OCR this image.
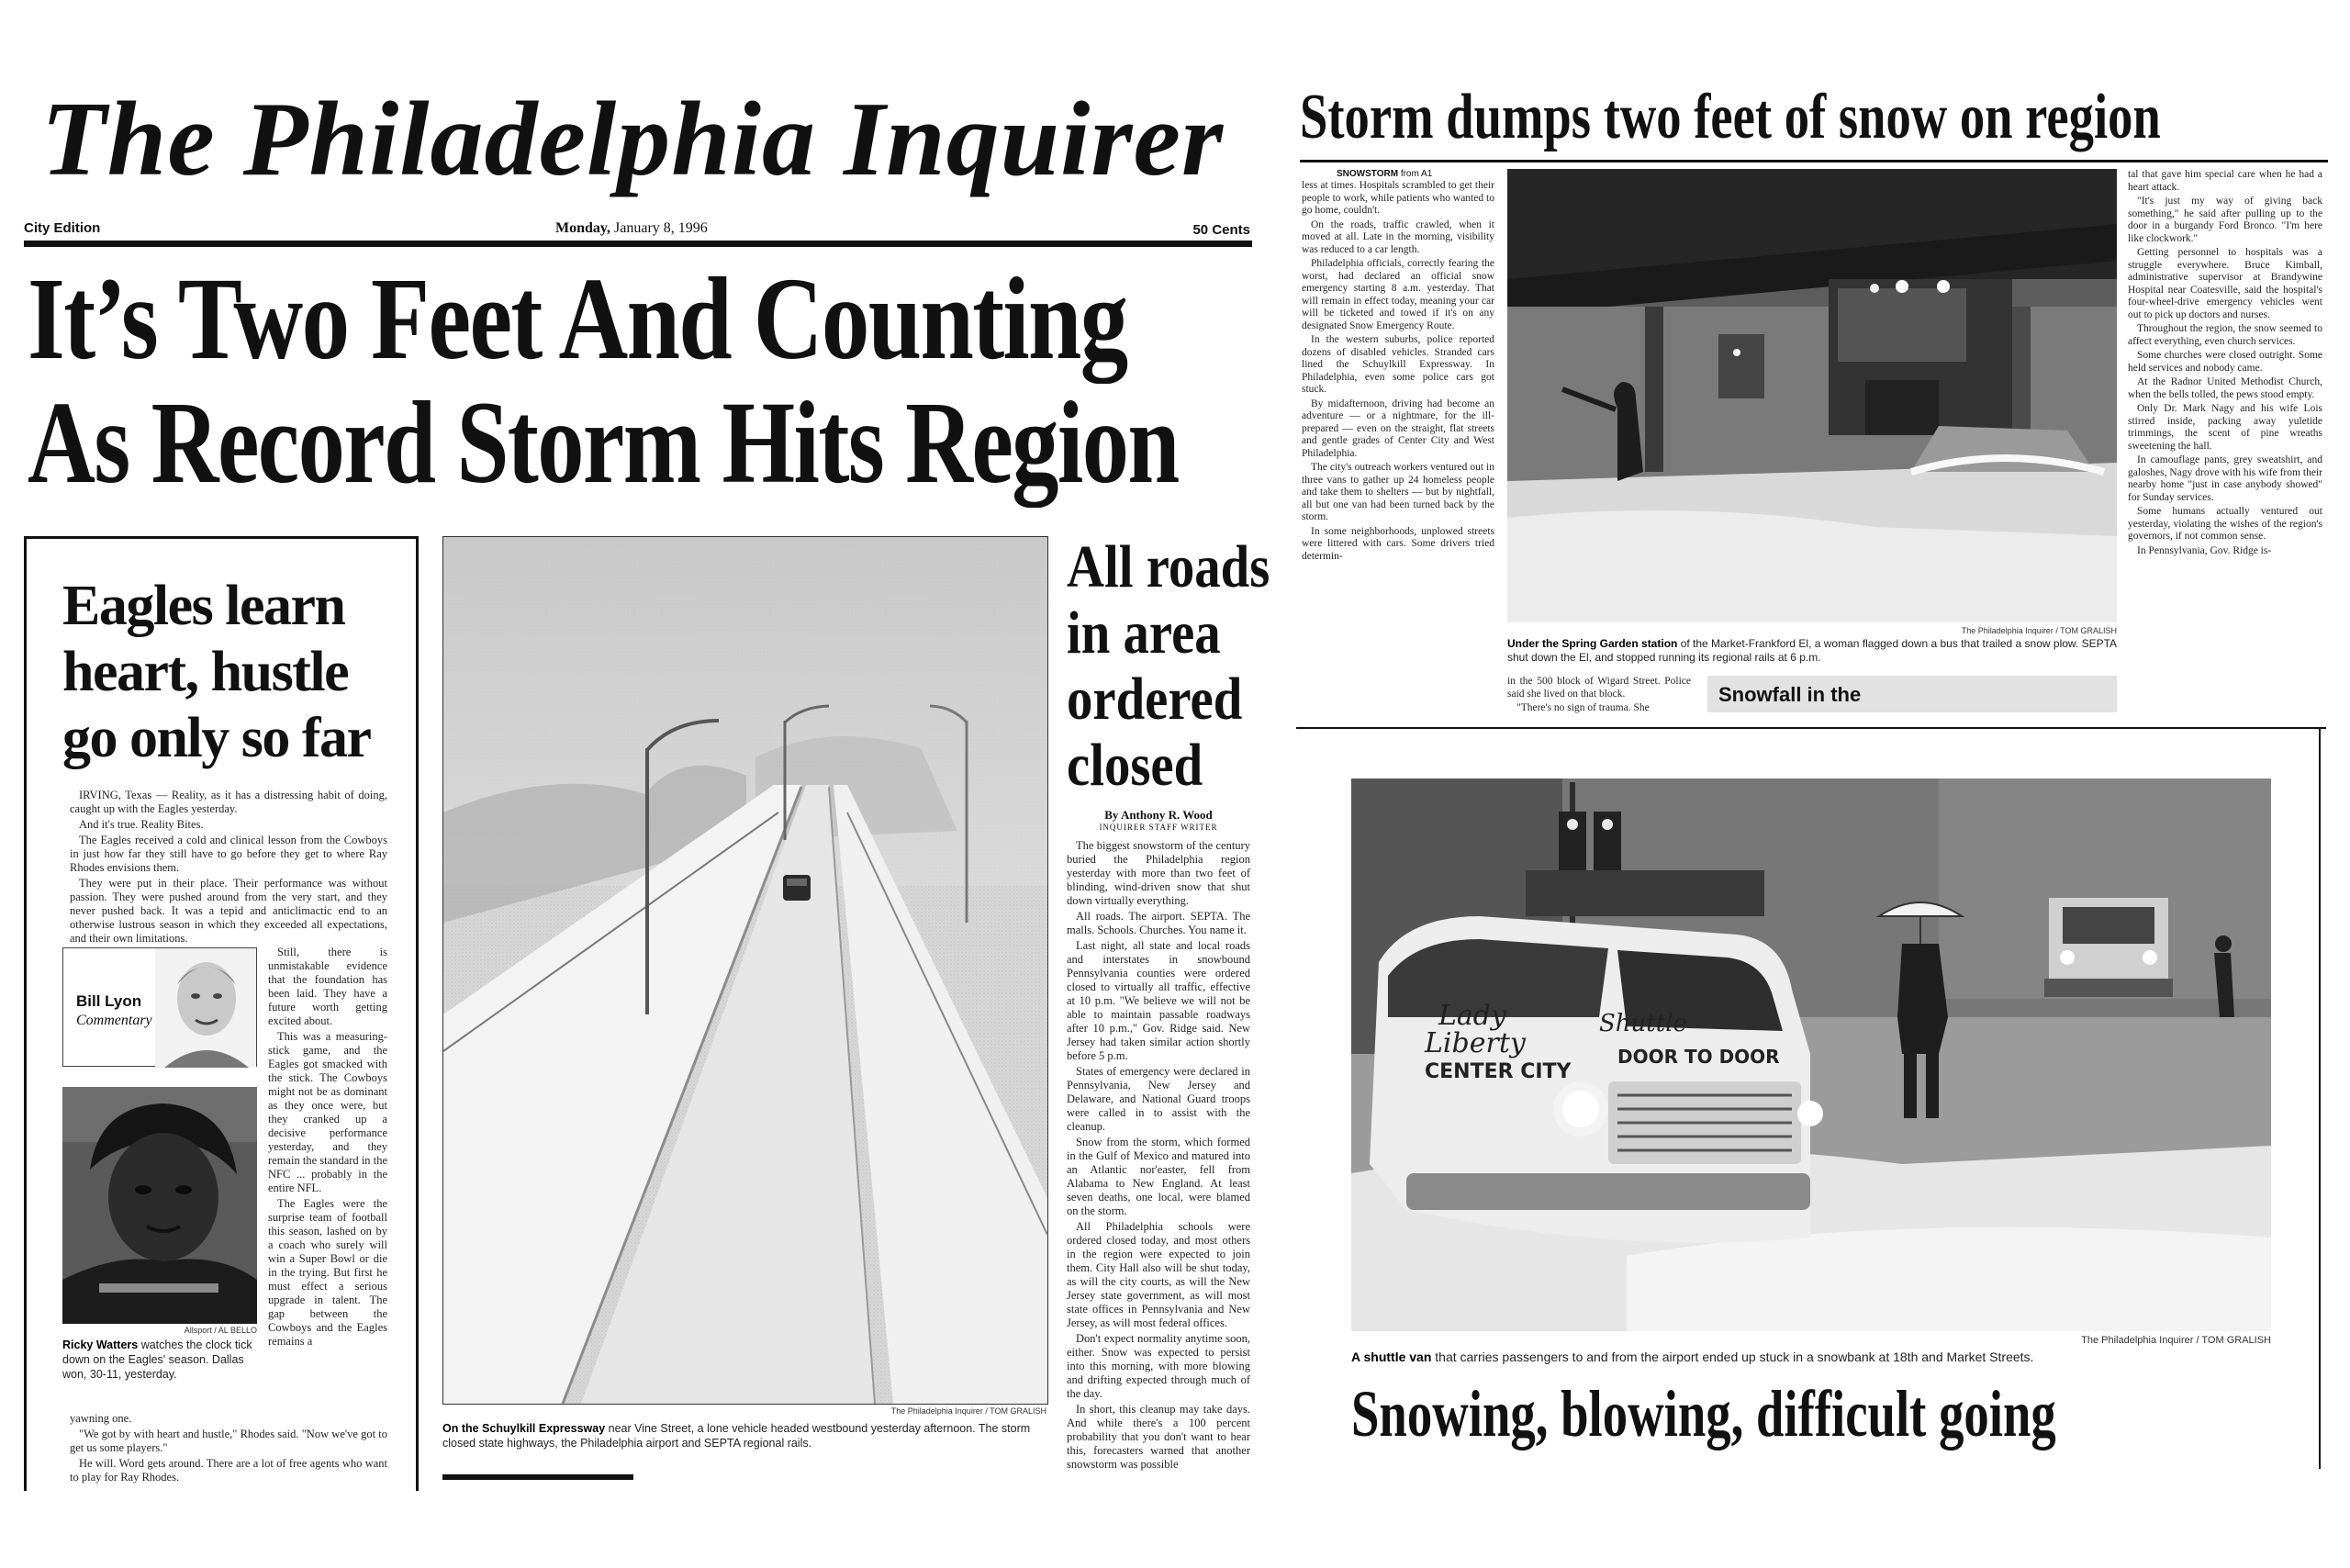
The Philadelphia Inquirer
City Edition	Monday, January 8, 1996	50 Cents
It’s Two Feet And Counting
As Record Storm Hits Region
Eagles learn
heart, hustle
go only so far

IRVING, Texas — Reality, as it has a distressing habit of doing, caught up with the Eagles yesterday.

And it's true. Reality Bites.

The Eagles received a cold and clinical lesson from the Cowboys in just how far they still have to go before they get to where Ray Rhodes envisions them.

They were put in their place. Their performance was without passion. They were pushed around from the very start, and they never pushed back. It was a tepid and anticlimactic end to an otherwise lustrous season in which they exceeded all expectations, and their own limitations.

Bill Lyon
Commentary
Allsport / AL BELLO
Ricky Watters watches the clock tick down on the Eagles' season. Dallas won, 30-11, yesterday.

Still, there is unmistakable evidence that the foundation has been laid. They have a future worth getting excited about.

This was a measuring-stick game, and the Eagles got smacked with the stick. The Cowboys might not be as dominant as they once were, but they cranked up a decisive performance yesterday, and they remain the standard in the NFC ... probably in the entire NFL.

The Eagles were the surprise team of football this season, lashed on by a coach who surely will win a Super Bowl or die in the trying. But first he must effect a serious upgrade in talent. The gap between the Cowboys and the Eagles remains a

yawning one.

"We got by with heart and hustle," Rhodes said. "Now we've got to get us some players."

He will. Word gets around. There are a lot of free agents who want to play for Ray Rhodes.

The Philadelphia Inquirer / TOM GRALISH
On the Schuylkill Expressway near Vine Street, a lone vehicle headed westbound yesterday afternoon. The storm closed state highways, the Philadelphia airport and SEPTA regional rails.
All roads
in area
ordered
closed
By Anthony R. Wood
INQUIRER STAFF WRITER

The biggest snowstorm of the century buried the Philadelphia region yesterday with more than two feet of blinding, wind-driven snow that shut down virtually everything.

All roads. The airport. SEPTA. The malls. Schools. Churches. You name it.

Last night, all state and local roads and interstates in snowbound Pennsylvania counties were ordered closed to virtually all traffic, effective at 10 p.m. "We believe we will not be able to maintain passable roadways after 10 p.m.," Gov. Ridge said. New Jersey had taken similar action shortly before 5 p.m.

States of emergency were declared in Pennsylvania, New Jersey and Delaware, and National Guard troops were called in to assist with the cleanup.

Snow from the storm, which formed in the Gulf of Mexico and matured into an Atlantic nor'easter, fell from Alabama to New England. At least seven deaths, one local, were blamed on the storm.

All Philadelphia schools were ordered closed today, and most others in the region were expected to join them. City Hall also will be shut today, as will the city courts, as will the New Jersey state government, as will most state offices in Pennsylvania and New Jersey, as will most federal offices.

Don't expect normality anytime soon, either. Snow was expected to persist into this morning, with more blowing and drifting expected through much of the day.

In short, this cleanup may take days. And while there's a 100 percent probability that you don't want to hear this, forecasters warned that another snowstorm was possible

Storm dumps two feet of snow on region
SNOWSTORM from A1

less at times. Hospitals scrambled to get their people to work, while patients who wanted to go home, couldn't.

On the roads, traffic crawled, when it moved at all. Late in the morning, visibility was reduced to a car length.

Philadelphia officials, correctly fearing the worst, had declared an official snow emergency starting 8 a.m. yesterday. That will remain in effect today, meaning your car will be ticketed and towed if it's on any designated Snow Emergency Route.

In the western suburbs, police reported dozens of disabled vehicles. Stranded cars lined the Schuylkill Expressway. In Philadelphia, even some police cars got stuck.

By midafternoon, driving had become an adventure — or a nightmare, for the ill-prepared — even on the straight, flat streets and gentle grades of Center City and West Philadelphia.

The city's outreach workers ventured out in three vans to gather up 24 homeless people and take them to shelters — but by nightfall, all but one van had been turned back by the storm.

In some neighborhoods, unplowed streets were littered with cars. Some drivers tried determin-

The Philadelphia Inquirer / TOM GRALISH
Under the Spring Garden station of the Market-Frankford El, a woman flagged down a bus that trailed a snow plow. SEPTA shut down the El, and stopped running its regional rails at 6 p.m.

in the 500 block of Wigard Street. Police said she lived on that block.

"There's no sign of trauma. She

Snowfall in the

tal that gave him special care when he had a heart attack.

"It's just my way of giving back something," he said after pulling up to the door in a burgandy Ford Bronco. "I'm here like clockwork."

Getting personnel to hospitals was a struggle everywhere. Bruce Kimball, administrative supervisor at Brandywine Hospital near Coatesville, said the hospital's four-wheel-drive emergency vehicles went out to pick up doctors and nurses.

Throughout the region, the snow seemed to affect everything, even church services.

Some churches were closed outright. Some held services and nobody came.

At the Radnor United Methodist Church, when the bells tolled, the pews stood empty.

Only Dr. Mark Nagy and his wife Lois stirred inside, packing away yuletide trimmings, the scent of pine wreaths sweetening the hall.

In camouflage pants, grey sweatshirt, and galoshes, Nagy drove with his wife from their nearby home "just in case anybody showed" for Sunday services.

Some humans actually ventured out yesterday, violating the wishes of the region's governors, if not common sense.

In Pennsylvania, Gov. Ridge is-

Lady
Liberty
Shuttle
CENTER CITY
DOOR TO DOOR
The Philadelphia Inquirer / TOM GRALISH
A shuttle van that carries passengers to and from the airport ended up stuck in a snowbank at 18th and Market Streets.
Snowing, blowing, difficult going
